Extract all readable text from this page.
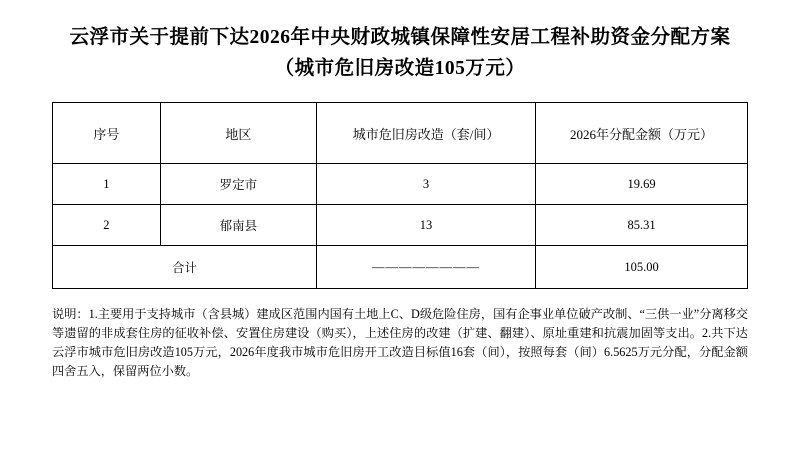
云浮市关于提前下达2026年中央财政城镇保障性安居工程补助资金分配方案（城市危旧房改造105万元）
序号	地区	城市危旧房改造（套/间）	2026年分配金额（万元）
1	罗定市	3	19.69
2	郁南县	13	85.31
合计		————————	105.00

说明：1.主要用于支持城市（含县城）建成区范围内国有土地上C、D级危险住房，国有企事业单位破产改制、“三供一业”分离移交等遗留的非成套住房的征收补偿、安置住房建设（购买），上述住房的改建（扩建、翻建）、原址重建和抗震加固等支出。2.共下达云浮市城市危旧房改造105万元，2026年度我市城市危旧房开工改造目标值16套（间），按照每套（间）6.5625万元分配，分配金额四舍五入，保留两位小数。
